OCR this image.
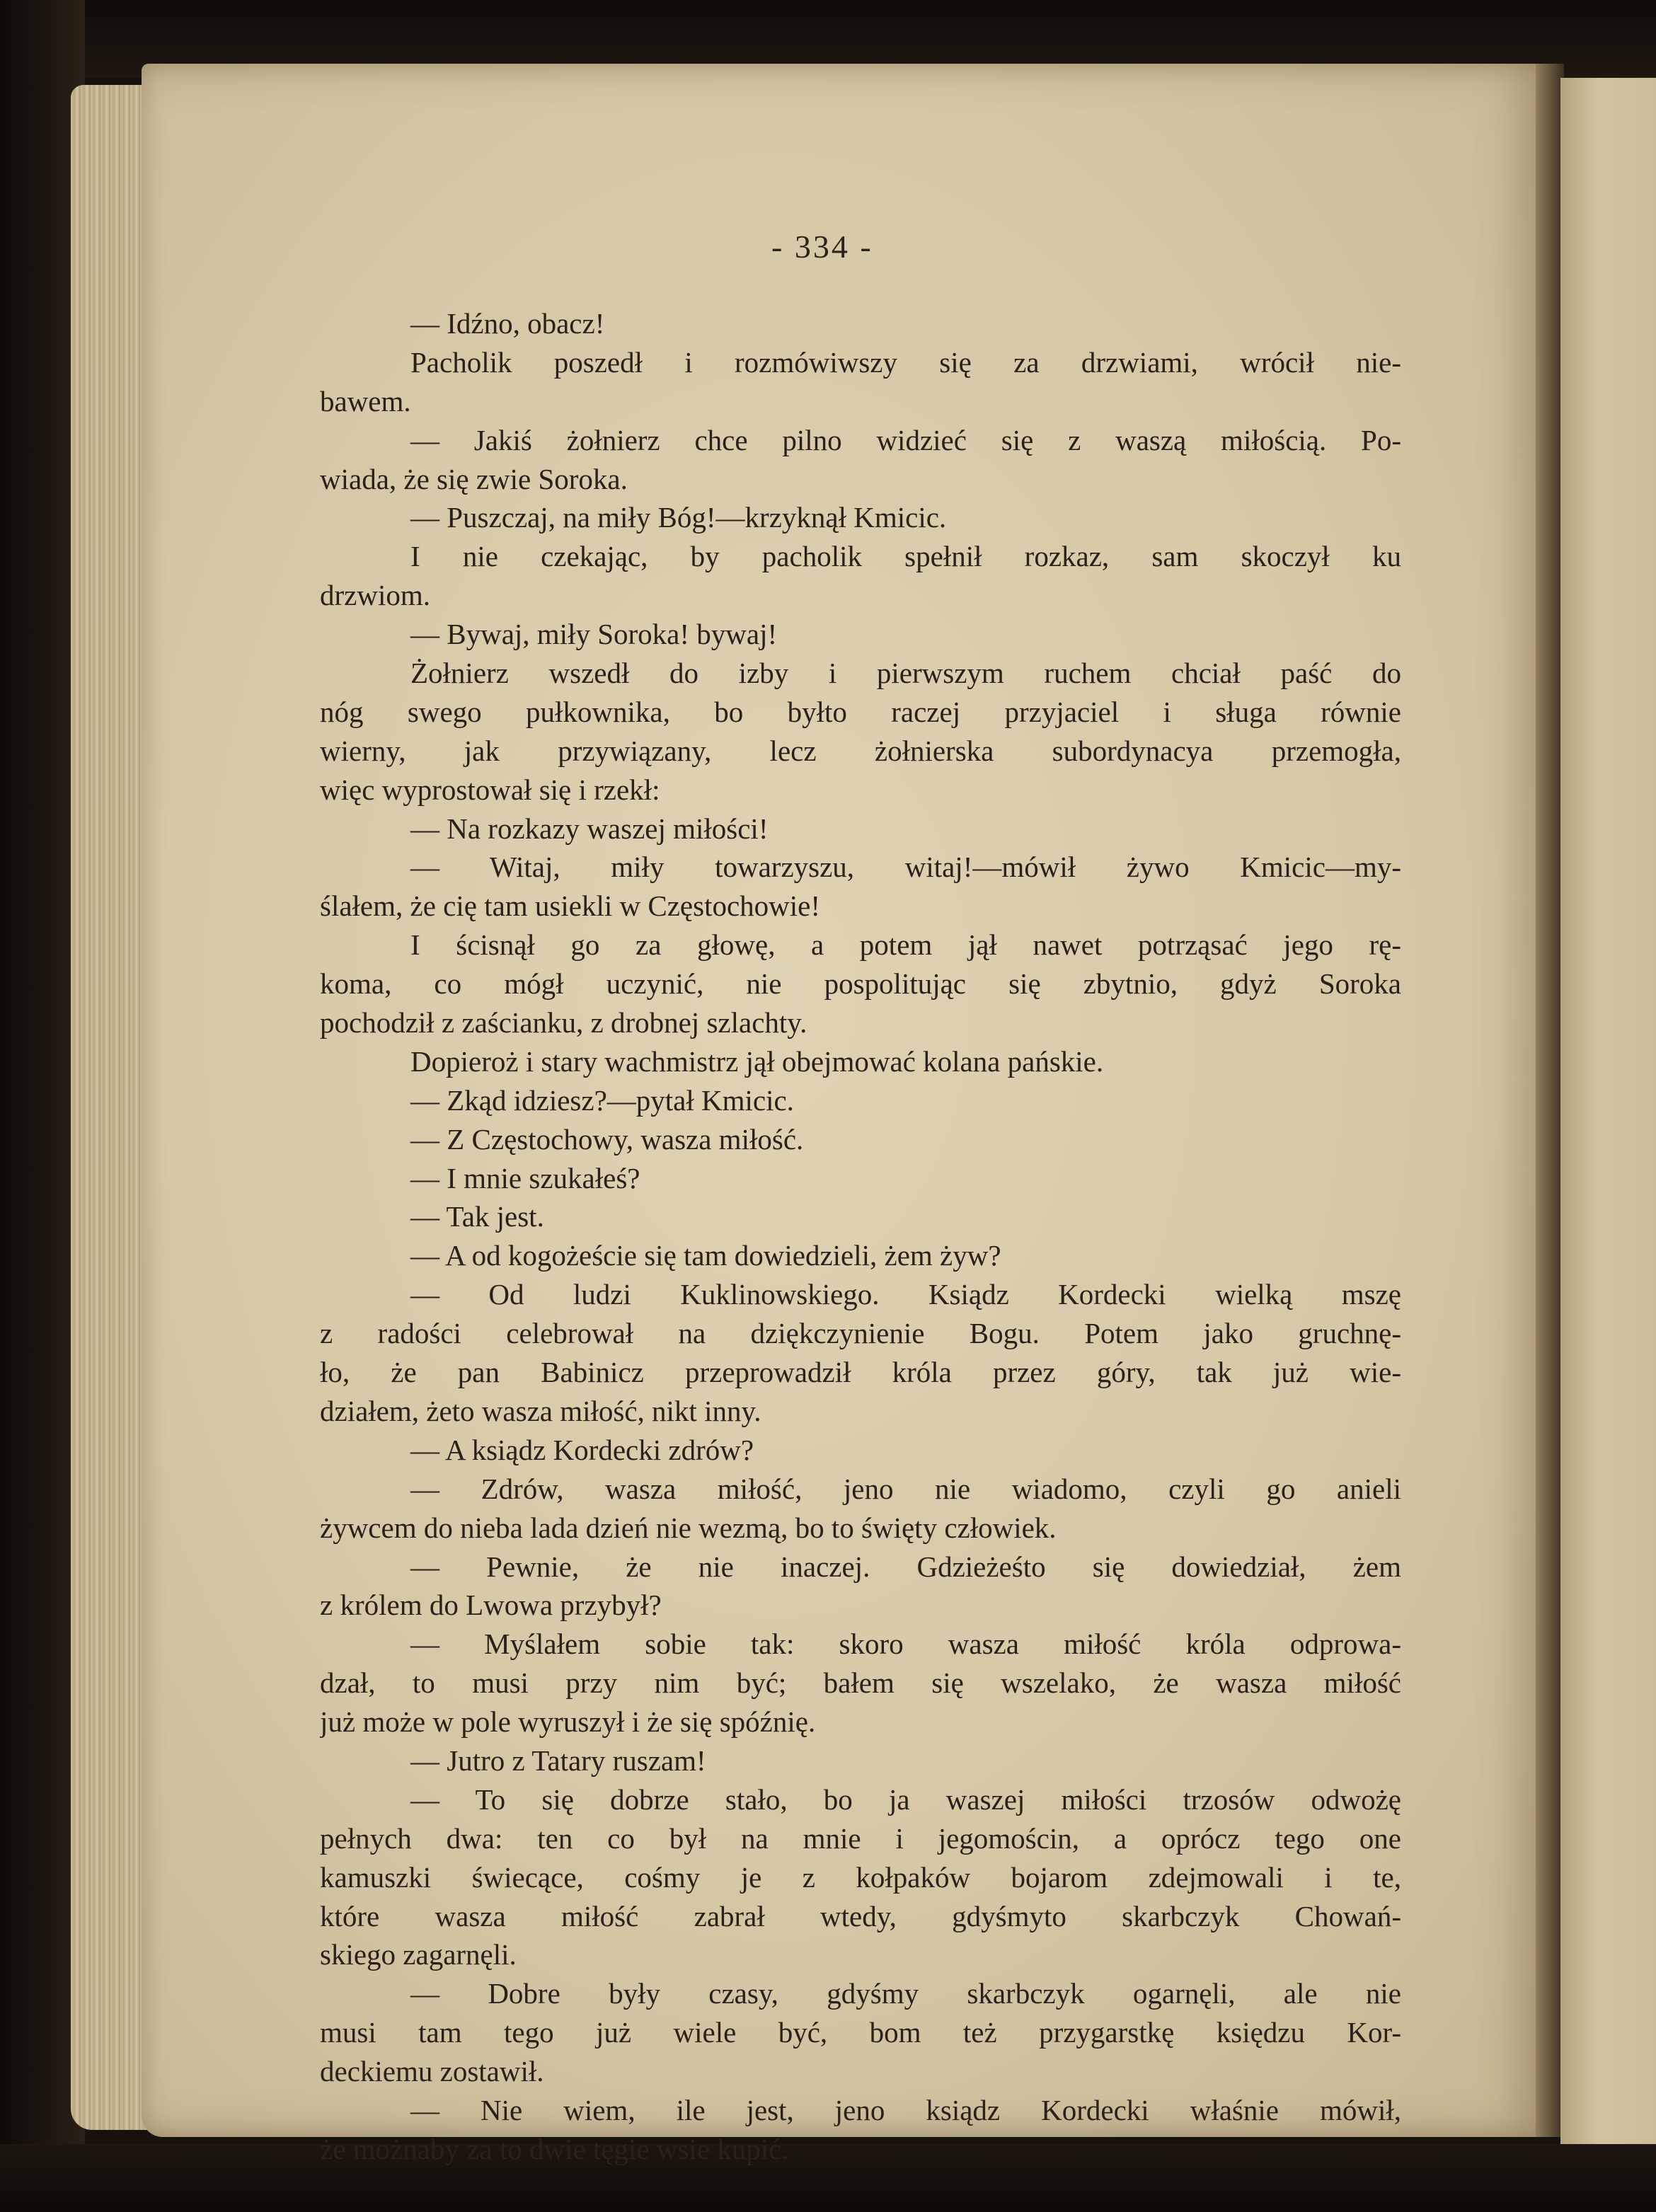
- 334 -
— Idźno, obacz!
Pacholik poszedł i rozmówiwszy się za drzwiami, wrócił nie-
bawem.
— Jakiś żołnierz chce pilno widzieć się z waszą miłością. Po-
wiada, że się zwie Soroka.
— Puszczaj, na miły Bóg!—krzyknął Kmicic.
I nie czekając, by pacholik spełnił rozkaz, sam skoczył ku
drzwiom.
— Bywaj, miły Soroka! bywaj!
Żołnierz wszedł do izby i pierwszym ruchem chciał paść do
nóg swego pułkownika, bo byłto raczej przyjaciel i sługa równie
wierny, jak przywiązany, lecz żołnierska subordynacya przemogła,
więc wyprostował się i rzekł:
— Na rozkazy waszej miłości!
— Witaj, miły towarzyszu, witaj!—mówił żywo Kmicic—my-
ślałem, że cię tam usiekli w Częstochowie!
I ścisnął go za głowę, a potem jął nawet potrząsać jego rę-
koma, co mógł uczynić, nie pospolitując się zbytnio, gdyż Soroka
pochodził z zaścianku, z drobnej szlachty.
Dopieroż i stary wachmistrz jął obejmować kolana pańskie.
— Zkąd idziesz?—pytał Kmicic.
— Z Częstochowy, wasza miłość.
— I mnie szukałeś?
— Tak jest.
— A od kogożeście się tam dowiedzieli, żem żyw?
— Od ludzi Kuklinowskiego. Ksiądz Kordecki wielką mszę
z radości celebrował na dziękczynienie Bogu. Potem jako gruchnę-
ło, że pan Babinicz przeprowadził króla przez góry, tak już wie-
działem, żeto wasza miłość, nikt inny.
— A ksiądz Kordecki zdrów?
— Zdrów, wasza miłość, jeno nie wiadomo, czyli go anieli
żywcem do nieba lada dzień nie wezmą, bo to święty człowiek.
— Pewnie, że nie inaczej. Gdzieżeśto się dowiedział, żem
z królem do Lwowa przybył?
— Myślałem sobie tak: skoro wasza miłość króla odprowa-
dzał, to musi przy nim być; bałem się wszelako, że wasza miłość
już może w pole wyruszył i że się spóźnię.
— Jutro z Tatary ruszam!
— To się dobrze stało, bo ja waszej miłości trzosów odwożę
pełnych dwa: ten co był na mnie i jegomościn, a oprócz tego one
kamuszki świecące, cośmy je z kołpaków bojarom zdejmowali i te,
które wasza miłość zabrał wtedy, gdyśmyto skarbczyk Chowań-
skiego zagarnęli.
— Dobre były czasy, gdyśmy skarbczyk ogarnęli, ale nie
musi tam tego już wiele być, bom też przygarstkę księdzu Kor-
deckiemu zostawił.
— Nie wiem, ile jest, jeno ksiądz Kordecki właśnie mówił,
że możnaby za to dwie tęgie wsie kupić.
